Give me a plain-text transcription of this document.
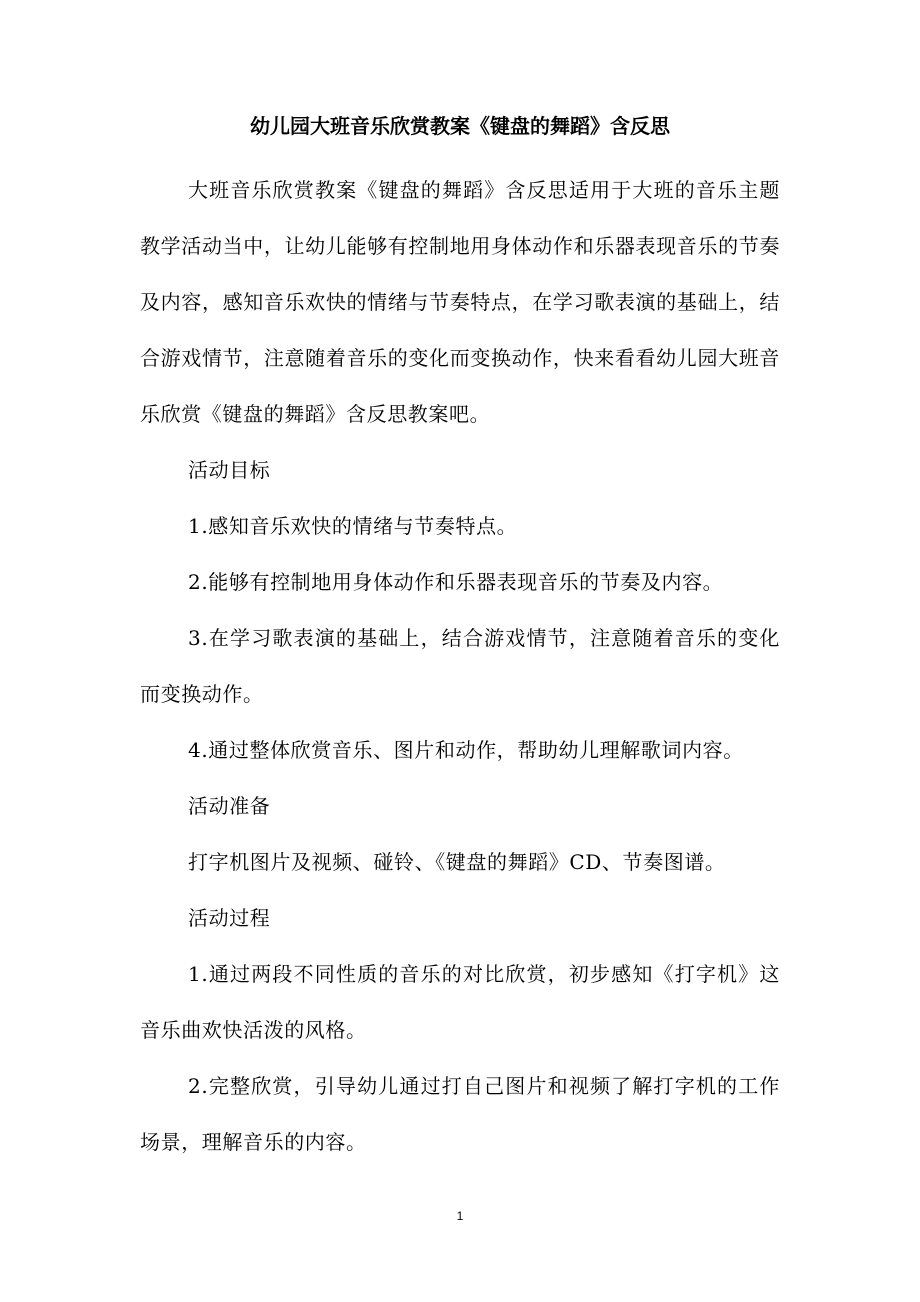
幼儿园大班音乐欣赏教案《键盘的舞蹈》含反思

大班音乐欣赏教案《键盘的舞蹈》含反思适用于大班的音乐主题教学活动当中，让幼儿能够有控制地用身体动作和乐器表现音乐的节奏及内容，感知音乐欢快的情绪与节奏特点，在学习歌表演的基础上，结合游戏情节，注意随着音乐的变化而变换动作，快来看看幼儿园大班音乐欣赏《键盘的舞蹈》含反思教案吧。

活动目标

1.感知音乐欢快的情绪与节奏特点。

2.能够有控制地用身体动作和乐器表现音乐的节奏及内容。

3.在学习歌表演的基础上，结合游戏情节，注意随着音乐的变化而变换动作。

4.通过整体欣赏音乐、图片和动作，帮助幼儿理解歌词内容。

活动准备

打字机图片及视频、碰铃、《键盘的舞蹈》CD、节奏图谱。

活动过程

1.通过两段不同性质的音乐的对比欣赏，初步感知《打字机》这音乐曲欢快活泼的风格。

2.完整欣赏，引导幼儿通过打自己图片和视频了解打字机的工作场景，理解音乐的内容。

1
